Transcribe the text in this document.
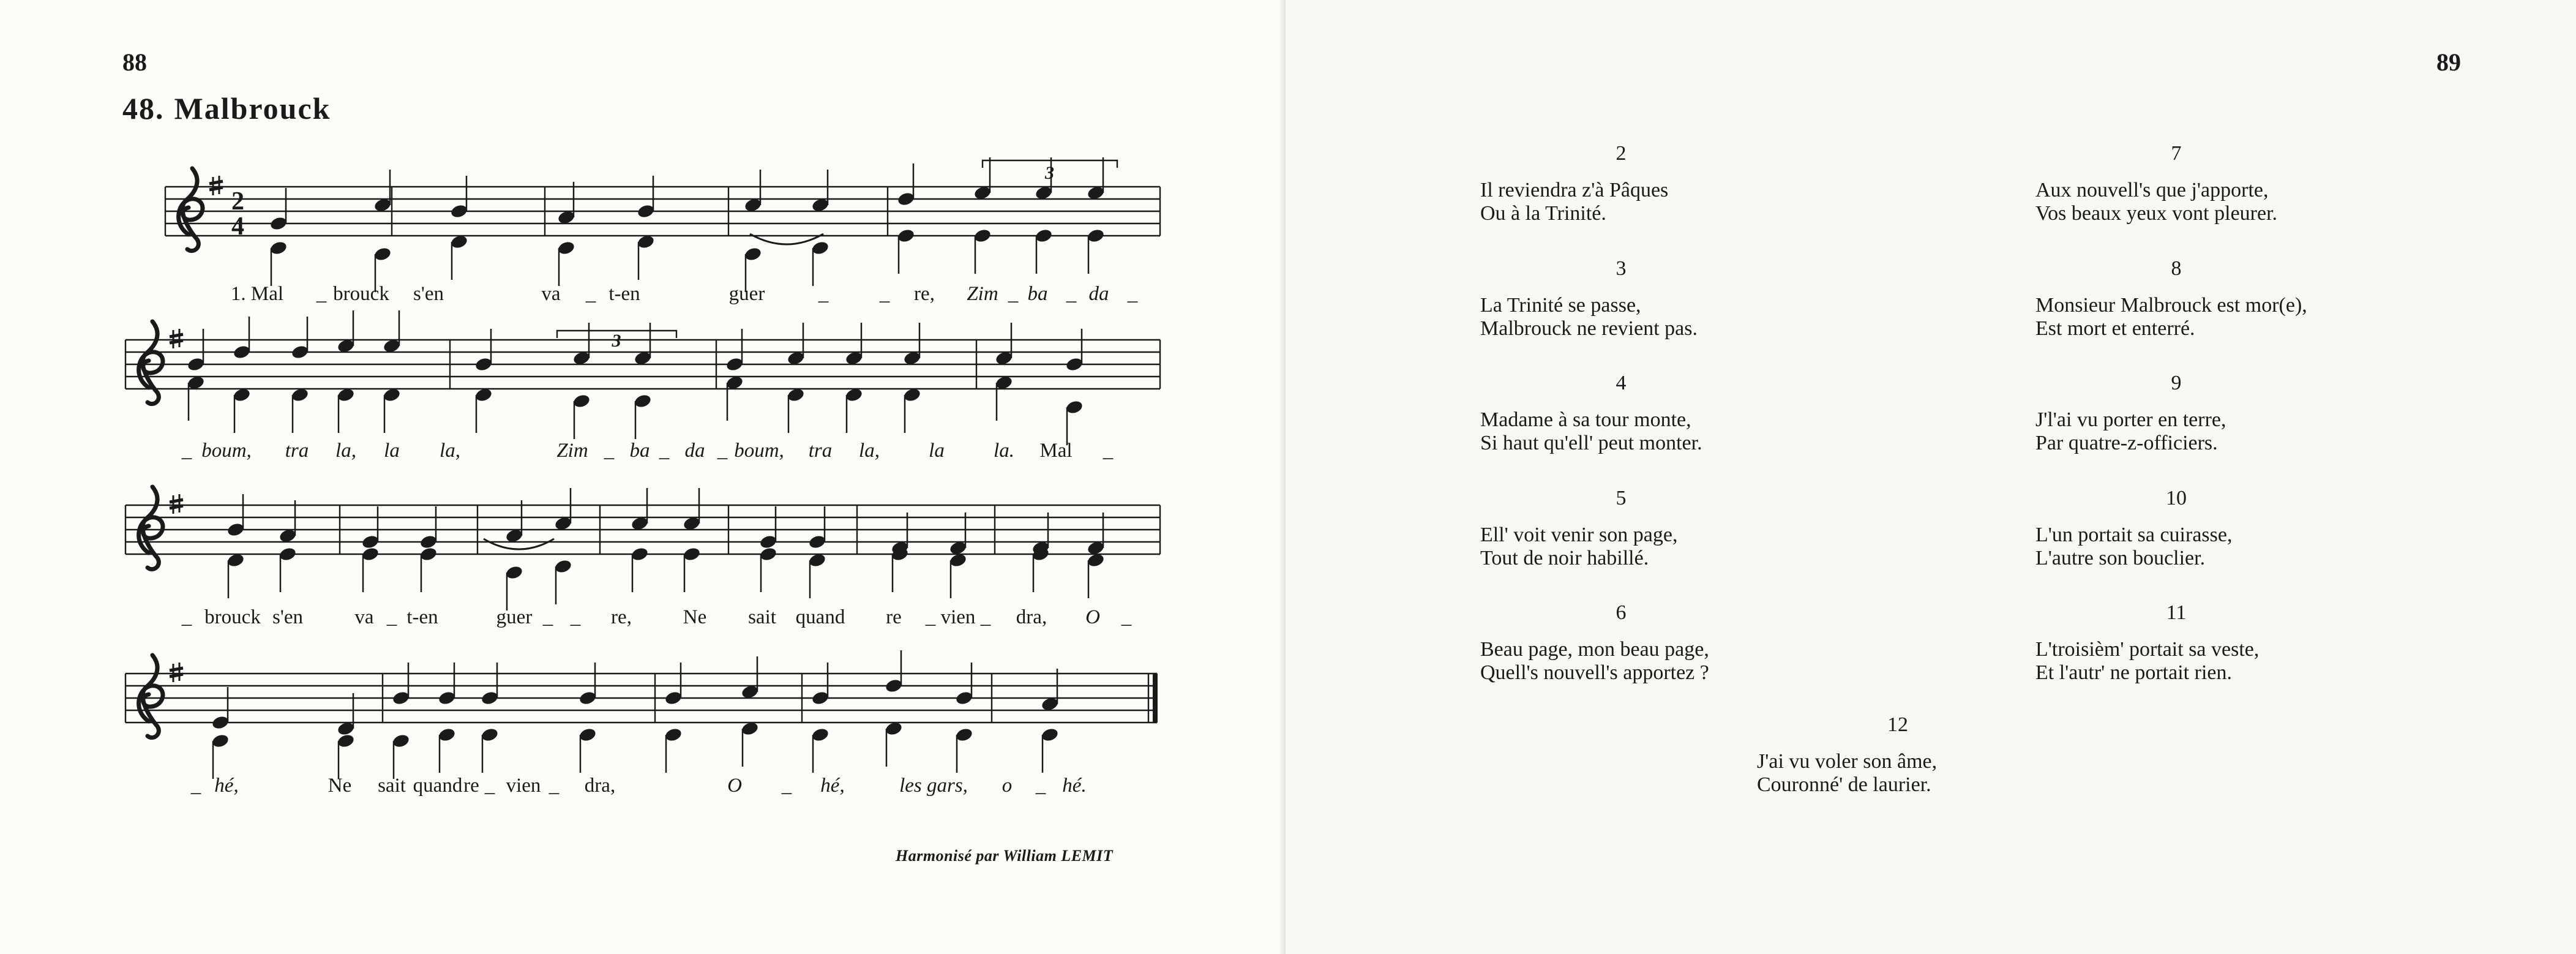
88
48. Malbrouck
2
4
3
3
1. Mal _ brouck s'en	va _ t-en	guer	_	_ re, Zim _ ba _ da _
_ boum, tra la, la la,	Zim _ ba _ da _ boum, tra la, la la. Mal _
_ brouck s'en	va _ t-en	guer _ _ re,	Ne sait quand re _ vien _ dra, O _
_ hé,	Ne sait quand re _ vien _ dra,	O _ hé,	les gars, o _ hé.
Harmonisé par William LEMIT
89
2
Il reviendra z'à Pâques
Ou à la Trinité.
3
La Trinité se passe,
Malbrouck ne revient pas.
4
Madame à sa tour monte,
Si haut qu'ell' peut monter.
5
Ell' voit venir son page,
Tout de noir habillé.
6
Beau page, mon beau page,
Quell's nouvell's apportez ?
7
Aux nouvell's que j'apporte,
Vos beaux yeux vont pleurer.
8
Monsieur Malbrouck est mor(e),
Est mort et enterré.
9
J'l'ai vu porter en terre,
Par quatre-z-officiers.
10
L'un portait sa cuirasse,
L'autre son bouclier.
11
L'troisièm' portait sa veste,
Et l'autr' ne portait rien.
12
J'ai vu voler son âme,
Couronné' de laurier.
